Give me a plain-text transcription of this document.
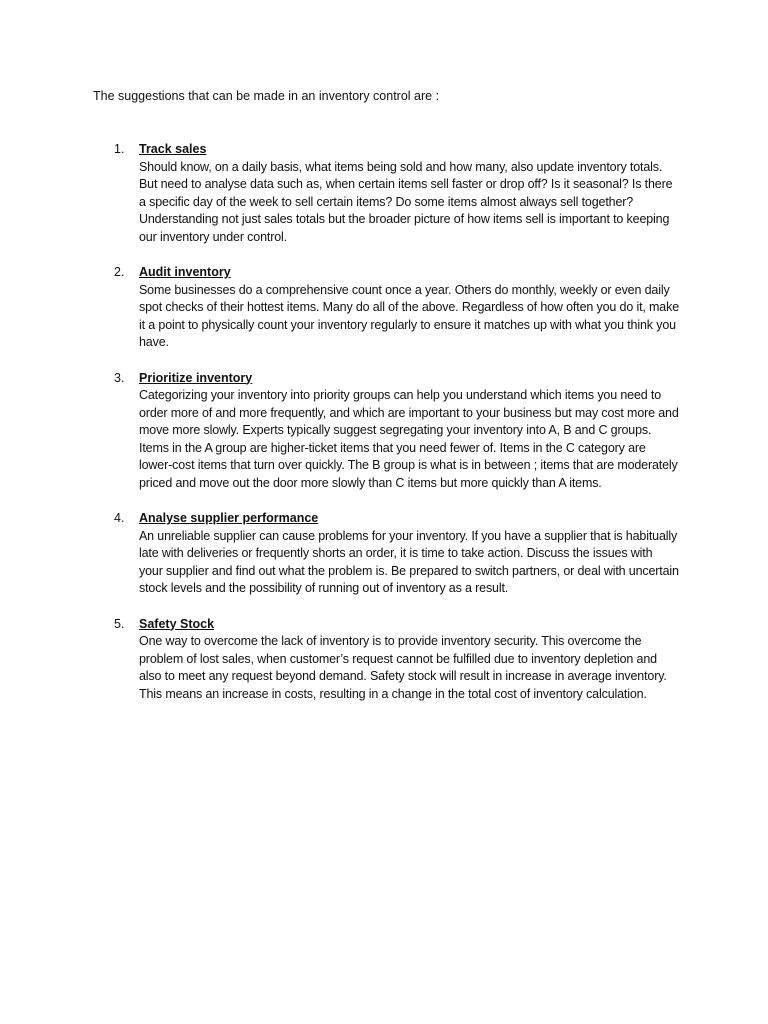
The suggestions that can be made in an inventory control are :
1.	Track sales
Should know, on a daily basis, what items being sold and how many, also update inventory totals. But need to analyse data such as, when certain items sell faster or drop off? Is it seasonal? Is there a specific day of the week to sell certain items? Do some items almost always sell together? Understanding not just sales totals but the broader picture of how items sell is important to keeping our inventory under control.
2.	Audit inventory
Some businesses do a comprehensive count once a year. Others do monthly, weekly or even daily spot checks of their hottest items. Many do all of the above. Regardless of how often you do it, make it a point to physically count your inventory regularly to ensure it matches up with what you think you have.
3.	Prioritize inventory
Categorizing your inventory into priority groups can help you understand which items you need to order more of and more frequently, and which are important to your business but may cost more and move more slowly. Experts typically suggest segregating your inventory into A, B and C groups. Items in the A group are higher-ticket items that you need fewer of. Items in the C category are lower-cost items that turn over quickly. The B group is what is in between ; items that are moderately priced and move out the door more slowly than C items but more quickly than A items.
4.	Analyse supplier performance
An unreliable supplier can cause problems for your inventory. If you have a supplier that is habitually late with deliveries or frequently shorts an order, it is time to take action. Discuss the issues with your supplier and find out what the problem is. Be prepared to switch partners, or deal with uncertain stock levels and the possibility of running out of inventory as a result.
5.	Safety Stock
One way to overcome the lack of inventory is to provide inventory security. This overcome the problem of lost sales, when customer’s request cannot be fulfilled due to inventory depletion and also to meet any request beyond demand. Safety stock will result in increase in average inventory. This means an increase in costs, resulting in a change in the total cost of inventory calculation.
